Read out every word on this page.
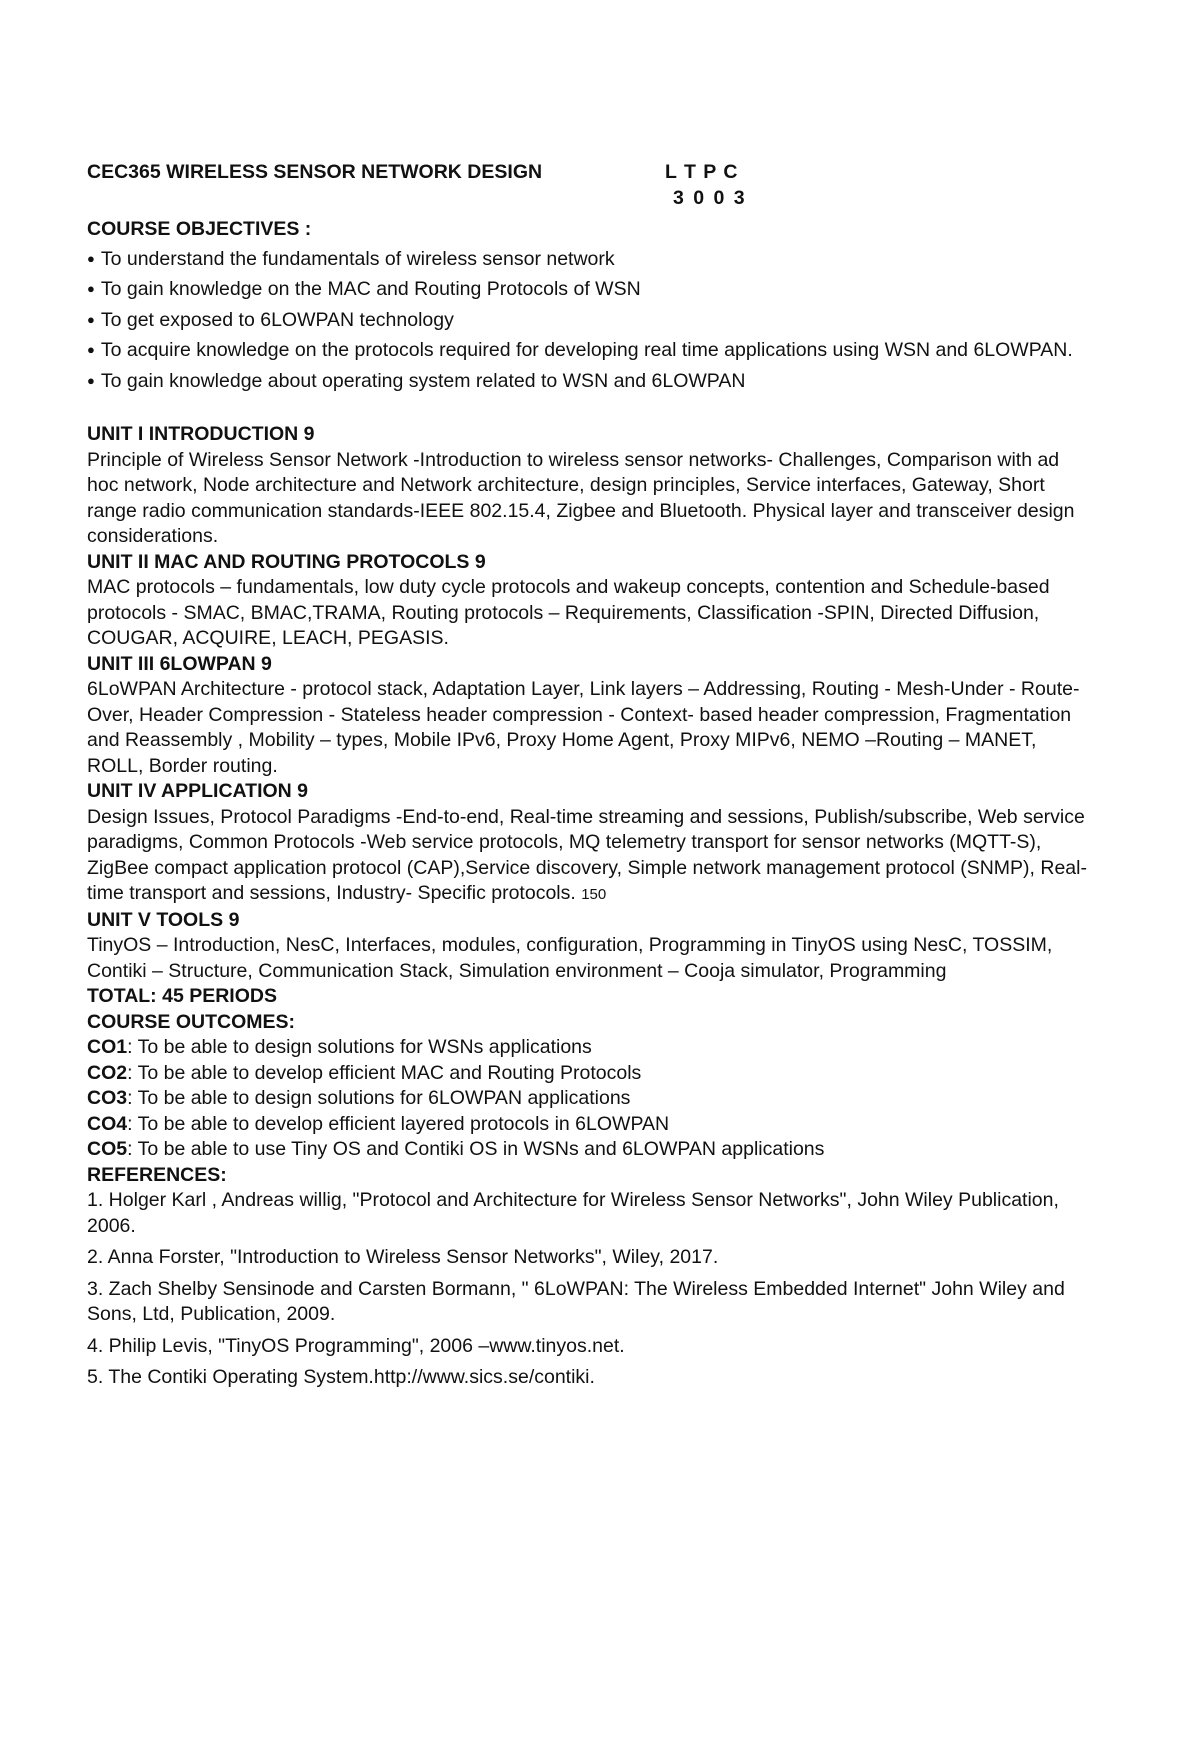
CEC365 WIRELESS SENSOR NETWORK DESIGN	L T P C
3 0 0 3
COURSE OBJECTIVES :
● To understand the fundamentals of wireless sensor network
● To gain knowledge on the MAC and Routing Protocols of WSN
● To get exposed to 6LOWPAN technology
● To acquire knowledge on the protocols required for developing real time applications using WSN and 6LOWPAN.
● To gain knowledge about operating system related to WSN and 6LOWPAN
UNIT I INTRODUCTION 9

Principle of Wireless Sensor Network -Introduction to wireless sensor networks- Challenges, Comparison with ad hoc network, Node architecture and Network architecture, design principles, Service interfaces, Gateway, Short range radio communication standards-IEEE 802.15.4, Zigbee and Bluetooth. Physical layer and transceiver design considerations.

UNIT II MAC AND ROUTING PROTOCOLS 9

MAC protocols – fundamentals, low duty cycle protocols and wakeup concepts, contention and Schedule-based protocols - SMAC, BMAC,TRAMA, Routing protocols – Requirements, Classification -SPIN, Directed Diffusion, COUGAR, ACQUIRE, LEACH, PEGASIS.

UNIT III 6LOWPAN 9

6LoWPAN Architecture - protocol stack, Adaptation Layer, Link layers – Addressing, Routing - Mesh-Under - Route-Over, Header Compression - Stateless header compression - Context- based header compression, Fragmentation and Reassembly , Mobility – types, Mobile IPv6, Proxy Home Agent, Proxy MIPv6, NEMO –Routing – MANET, ROLL, Border routing.

UNIT IV APPLICATION 9

Design Issues, Protocol Paradigms -End-to-end, Real-time streaming and sessions, Publish/subscribe, Web service paradigms, Common Protocols -Web service protocols, MQ telemetry transport for sensor networks (MQTT-S), ZigBee compact application protocol (CAP),Service discovery, Simple network management protocol (SNMP), Real-time transport and sessions, Industry- Specific protocols. 150

UNIT V TOOLS 9

TinyOS – Introduction, NesC, Interfaces, modules, configuration, Programming in TinyOS using NesC, TOSSIM, Contiki – Structure, Communication Stack, Simulation environment – Cooja simulator, Programming

TOTAL: 45 PERIODS
COURSE OUTCOMES:
CO1: To be able to design solutions for WSNs applications
CO2: To be able to develop efficient MAC and Routing Protocols
CO3: To be able to design solutions for 6LOWPAN applications
CO4: To be able to develop efficient layered protocols in 6LOWPAN
CO5: To be able to use Tiny OS and Contiki OS in WSNs and 6LOWPAN applications
REFERENCES:

1. Holger Karl , Andreas willig, "Protocol and Architecture for Wireless Sensor Networks", John Wiley Publication, 2006.

2. Anna Forster, "Introduction to Wireless Sensor Networks", Wiley, 2017.

3. Zach Shelby Sensinode and Carsten Bormann, " 6LoWPAN: The Wireless Embedded Internet" John Wiley and Sons, Ltd, Publication, 2009.

4. Philip Levis, "TinyOS Programming", 2006 –www.tinyos.net.

5. The Contiki Operating System.http://www.sics.se/contiki.
